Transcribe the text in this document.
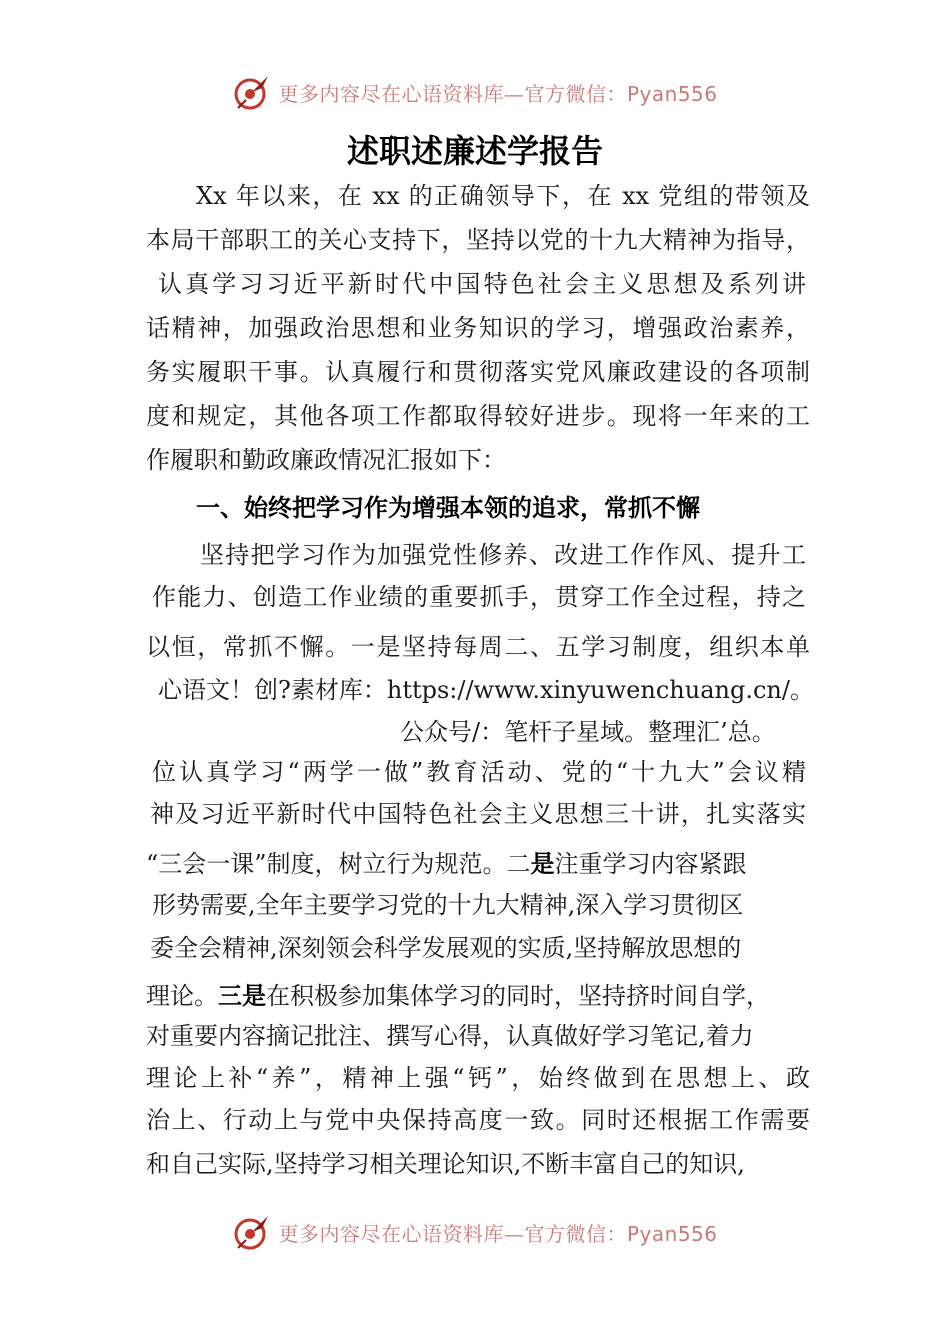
更多内容尽在心语资料库—官方微信：Pyan556
述职述廉述学报告
Xx 年以来，在 xx 的正确领导下，在 xx 党组的带领及
本局干部职工的关心支持下，坚持以党的十九大精神为指导，
认真学习习近平新时代中国特色社会主义思想及系列讲
话精神，加强政治思想和业务知识的学习，增强政治素养，
务实履职干事。认真履行和贯彻落实党风廉政建设的各项制
度和规定，其他各项工作都取得较好进步。现将一年来的工
作履职和勤政廉政情况汇报如下：
一、始终把学习作为增强本领的追求，常抓不懈
坚持把学习作为加强党性修养、改进工作作风、提升工
作能力、创造工作业绩的重要抓手，贯穿工作全过程，持之
以恒，常抓不懈。一是坚持每周二、五学习制度，组织本单
心语文！创?素材库：https://www.xinyuwenchuang.cn/。
公众号/：笔杆子星域。整理汇’总。
位认真学习“两学一做”教育活动、党的“十九大”会议精
神及习近平新时代中国特色社会主义思想三十讲，扎实落实
“三会一课”制度，树立行为规范。二是注重学习内容紧跟
形势需要,全年主要学习党的十九大精神,深入学习贯彻区
委全会精神,深刻领会科学发展观的实质,坚持解放思想的
理论。三是在积极参加集体学习的同时，坚持挤时间自学，
对重要内容摘记批注、撰写心得，认真做好学习笔记,着力
理论上补“养”，精神上强“钙”，始终做到在思想上、政
治上、行动上与党中央保持高度一致。同时还根据工作需要
和自己实际,坚持学习相关理论知识,不断丰富自己的知识,
更多内容尽在心语资料库—官方微信：Pyan556
